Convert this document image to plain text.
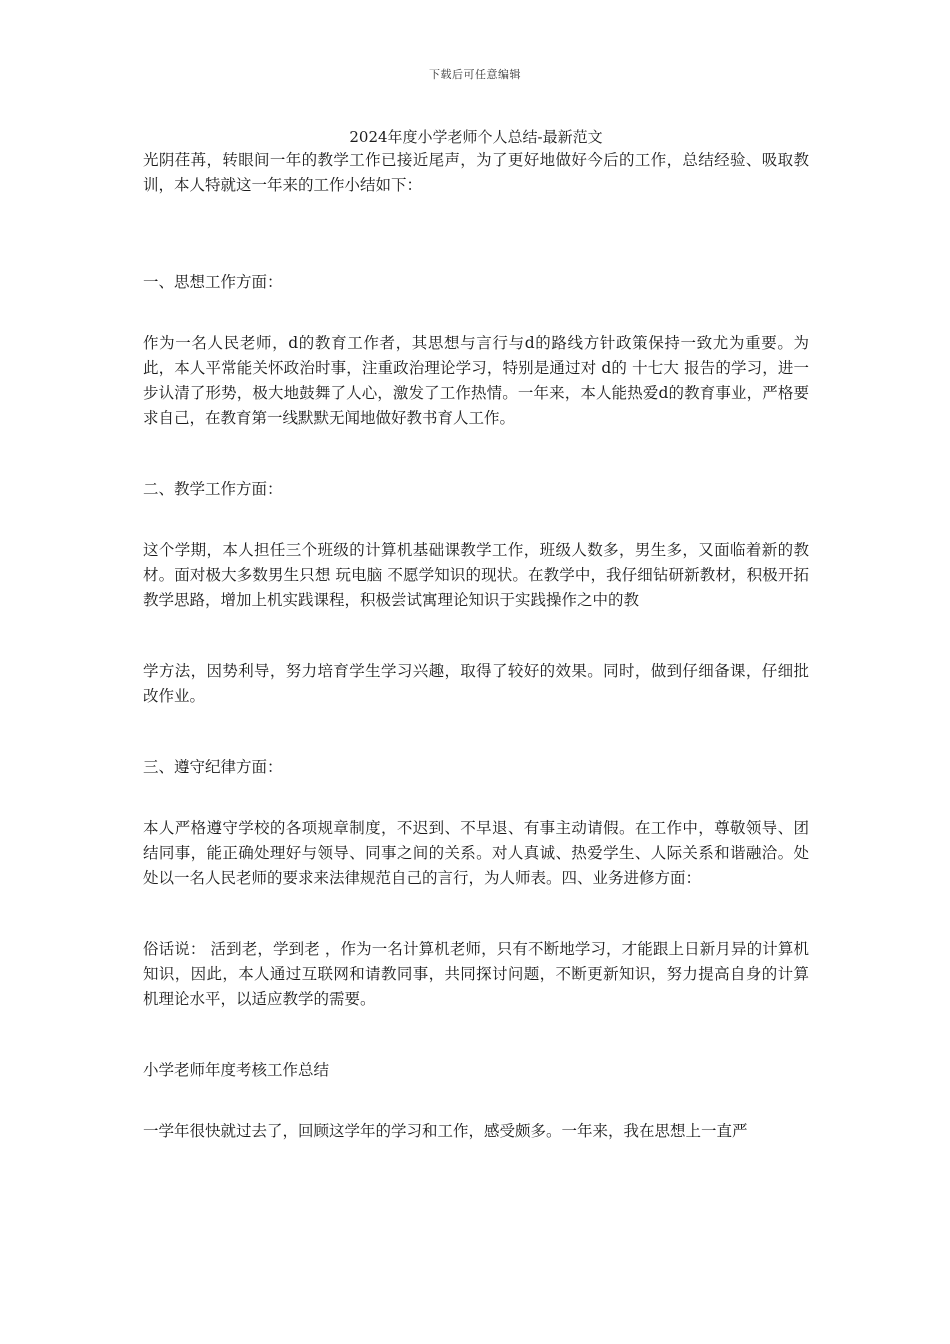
下载后可任意编辑

2024年度小学老师个人总结-最新范文

光阴荏苒，转眼间一年的教学工作已接近尾声，为了更好地做好今后的工作，总结经验、吸取教训，本人特就这一年来的工作小结如下：

一、思想工作方面：

作为一名人民老师，d的教育工作者，其思想与言行与d的路线方针政策保持一致尤为重要。为此，本人平常能关怀政治时事，注重政治理论学习，特别是通过对 d的 十七大 报告的学习，进一步认清了形势，极大地鼓舞了人心，激发了工作热情。一年来，本人能热爱d的教育事业，严格要求自己，在教育第一线默默无闻地做好教书育人工作。

二、教学工作方面：

这个学期，本人担任三个班级的计算机基础课教学工作，班级人数多，男生多，又面临着新的教材。面对极大多数男生只想 玩电脑 不愿学知识的现状。在教学中，我仔细钻研新教材，积极开拓教学思路，增加上机实践课程，积极尝试寓理论知识于实践操作之中的教

学方法，因势利导，努力培育学生学习兴趣，取得了较好的效果。同时，做到仔细备课，仔细批改作业。

三、遵守纪律方面：

本人严格遵守学校的各项规章制度，不迟到、不早退、有事主动请假。在工作中，尊敬领导、团结同事，能正确处理好与领导、同事之间的关系。对人真诚、热爱学生、人际关系和谐融洽。处处以一名人民老师的要求来法律规范自己的言行，为人师表。四、业务进修方面：

俗话说： 活到老，学到老 ，作为一名计算机老师，只有不断地学习，才能跟上日新月异的计算机知识，因此，本人通过互联网和请教同事，共同探讨问题，不断更新知识，努力提高自身的计算机理论水平，以适应教学的需要。

小学老师年度考核工作总结

一学年很快就过去了，回顾这学年的学习和工作，感受颇多。一年来，我在思想上一直严
